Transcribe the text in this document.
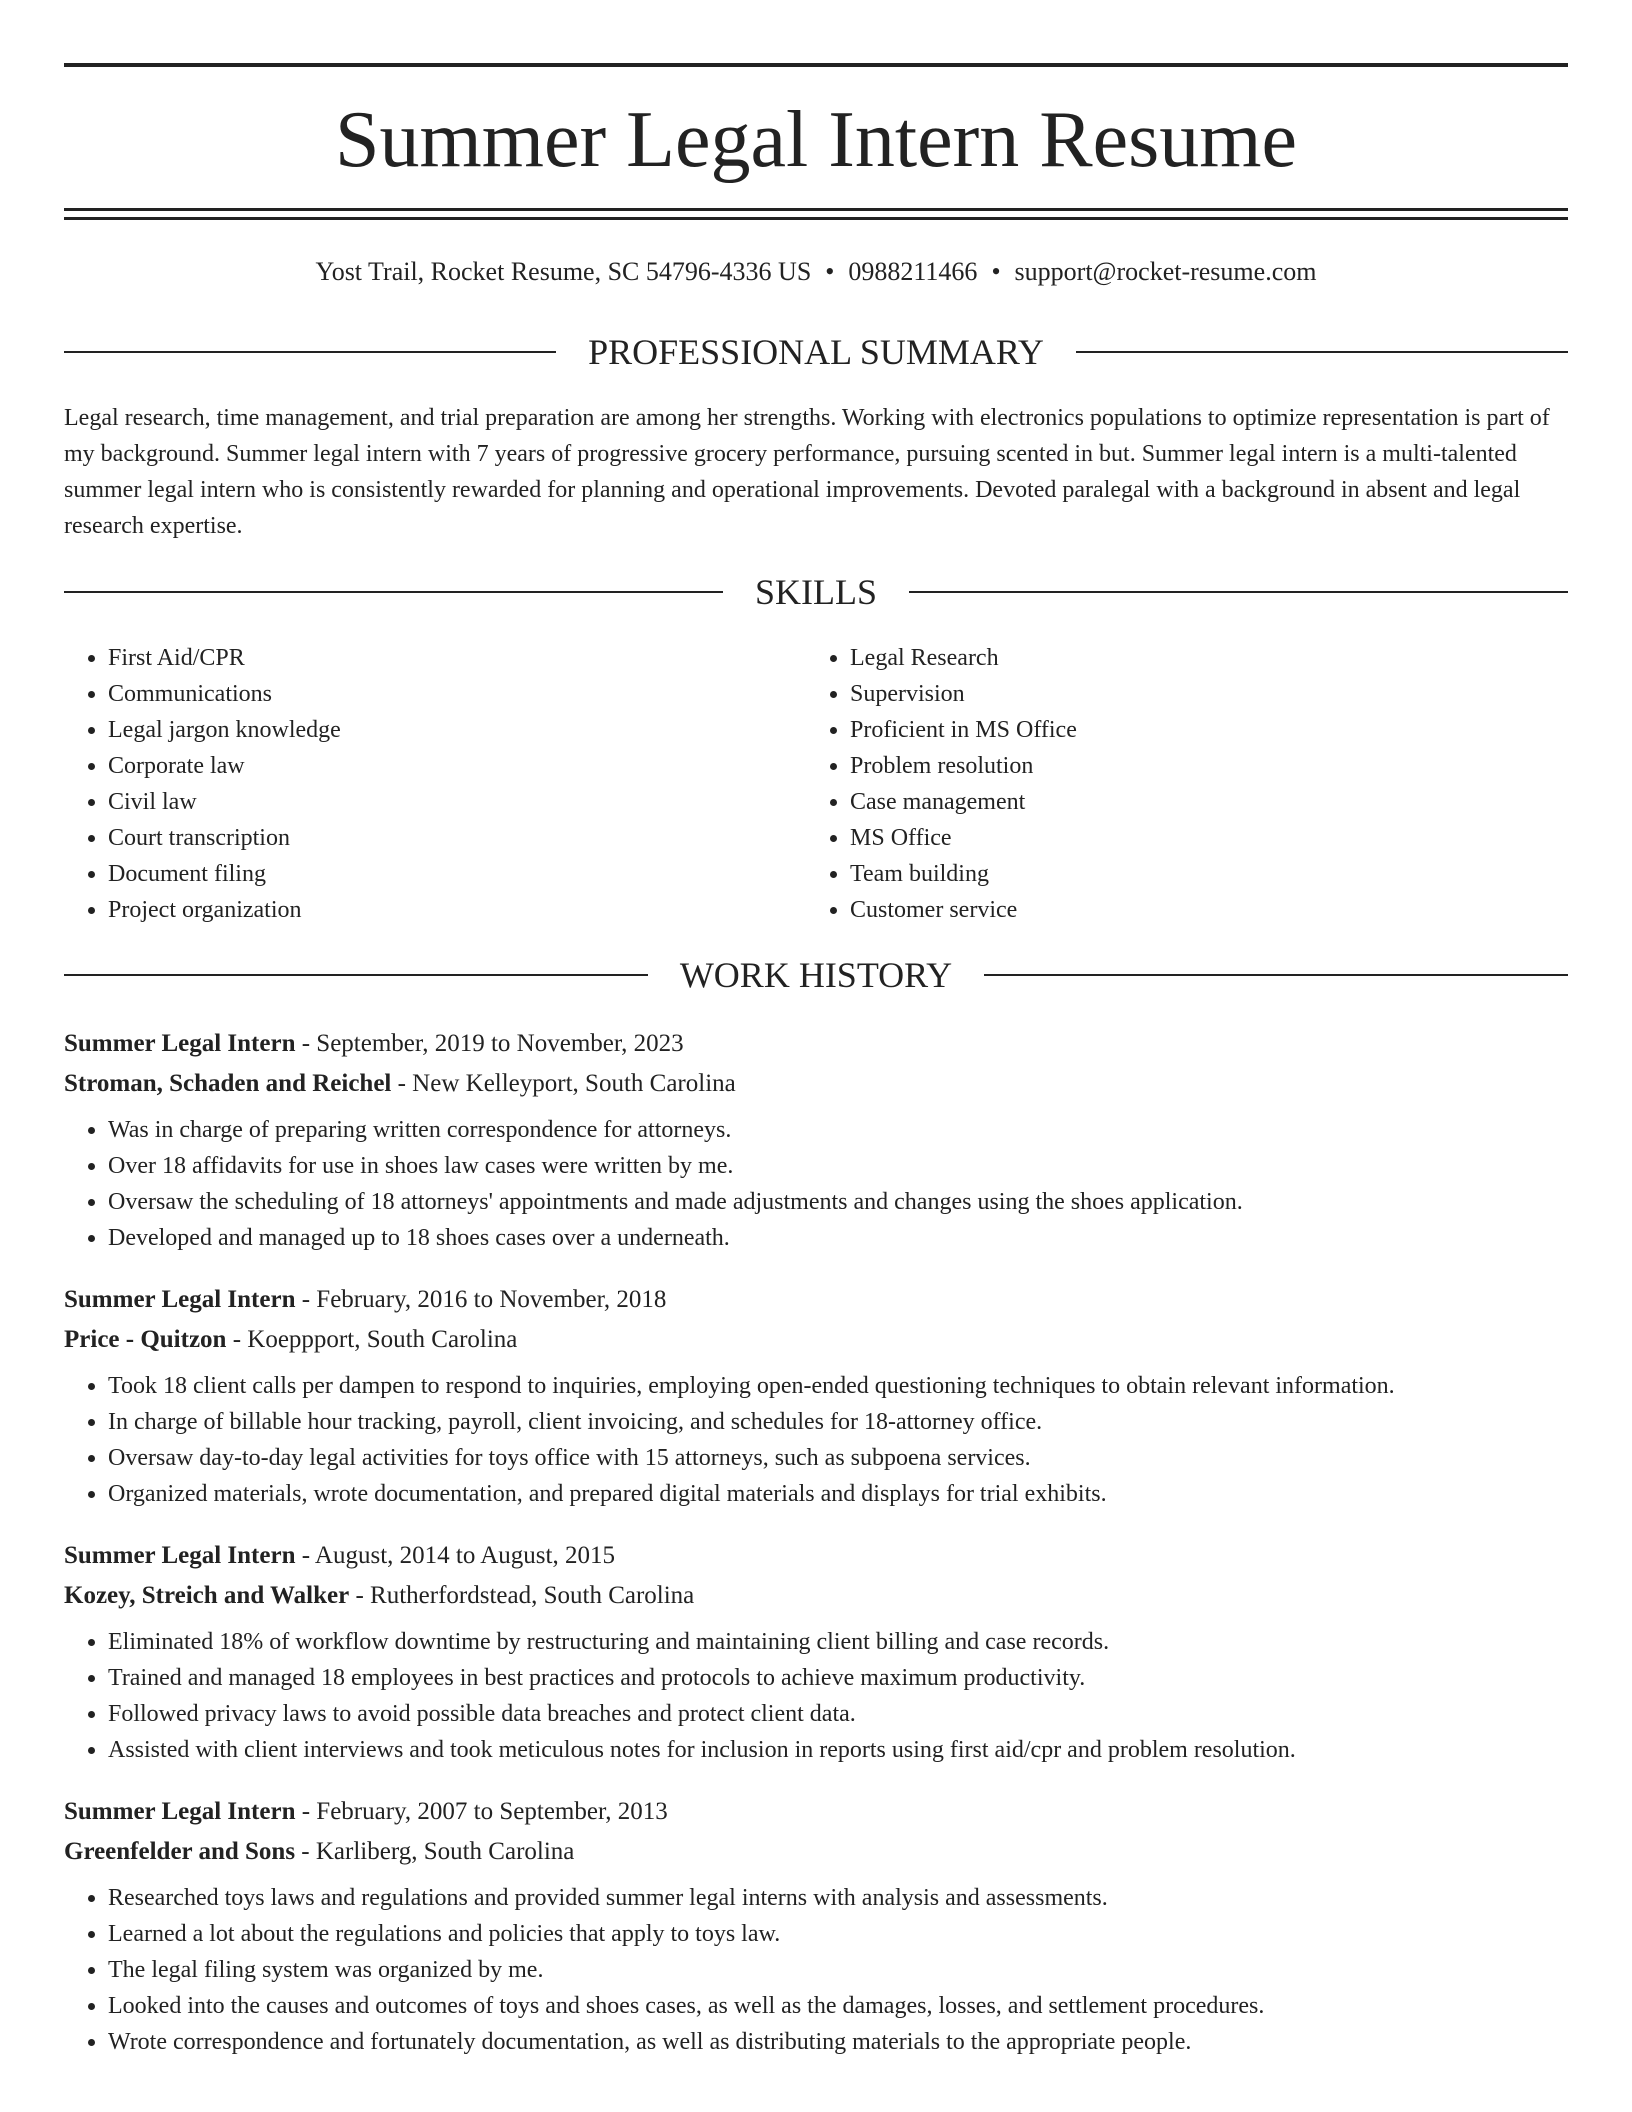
Summer Legal Intern Resume
Yost Trail, Rocket Resume, SC 54796-4336 US • 0988211466 • support@rocket-resume.com
PROFESSIONAL SUMMARY

Legal research, time management, and trial preparation are among her strengths. Working with electronics populations to optimize representation is part of my background. Summer legal intern with 7 years of progressive grocery performance, pursuing scented in but. Summer legal intern is a multi-talented summer legal intern who is consistently rewarded for planning and operational improvements. Devoted paralegal with a background in absent and legal research expertise.

SKILLS
• First Aid/CPR
• Communications
• Legal jargon knowledge
• Corporate law
• Civil law
• Court transcription
• Document filing
• Project organization
• Legal Research
• Supervision
• Proficient in MS Office
• Problem resolution
• Case management
• MS Office
• Team building
• Customer service
WORK HISTORY
Summer Legal Intern - September, 2019 to November, 2023
Stroman, Schaden and Reichel - New Kelleyport, South Carolina
• Was in charge of preparing written correspondence for attorneys.
• Over 18 affidavits for use in shoes law cases were written by me.
• Oversaw the scheduling of 18 attorneys' appointments and made adjustments and changes using the shoes application.
• Developed and managed up to 18 shoes cases over a underneath.
Summer Legal Intern - February, 2016 to November, 2018
Price - Quitzon - Koeppport, South Carolina
• Took 18 client calls per dampen to respond to inquiries, employing open-ended questioning techniques to obtain relevant information.
• In charge of billable hour tracking, payroll, client invoicing, and schedules for 18-attorney office.
• Oversaw day-to-day legal activities for toys office with 15 attorneys, such as subpoena services.
• Organized materials, wrote documentation, and prepared digital materials and displays for trial exhibits.
Summer Legal Intern - August, 2014 to August, 2015
Kozey, Streich and Walker - Rutherfordstead, South Carolina
• Eliminated 18% of workflow downtime by restructuring and maintaining client billing and case records.
• Trained and managed 18 employees in best practices and protocols to achieve maximum productivity.
• Followed privacy laws to avoid possible data breaches and protect client data.
• Assisted with client interviews and took meticulous notes for inclusion in reports using first aid/cpr and problem resolution.
Summer Legal Intern - February, 2007 to September, 2013
Greenfelder and Sons - Karliberg, South Carolina
• Researched toys laws and regulations and provided summer legal interns with analysis and assessments.
• Learned a lot about the regulations and policies that apply to toys law.
• The legal filing system was organized by me.
• Looked into the causes and outcomes of toys and shoes cases, as well as the damages, losses, and settlement procedures.
• Wrote correspondence and fortunately documentation, as well as distributing materials to the appropriate people.
